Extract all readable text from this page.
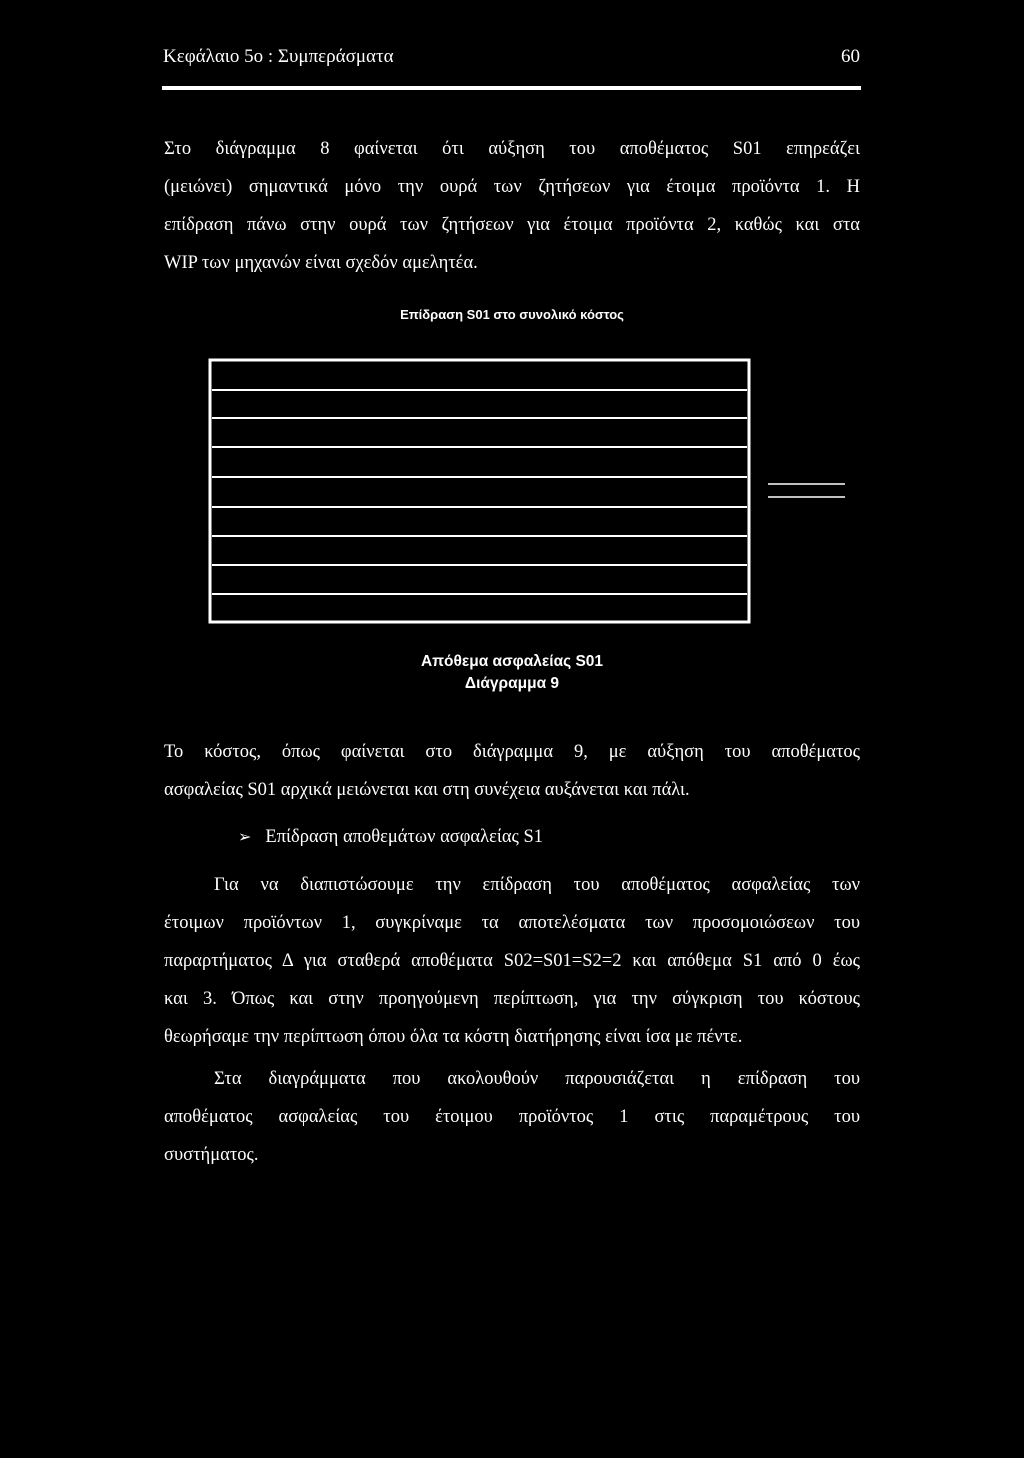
Κεφάλαιο 5ο : Συμπεράσματα	60
Στο διάγραμμα 8 φαίνεται ότι αύξηση του αποθέματος S01 επηρεάζει
(μειώνει) σημαντικά μόνο την ουρά των ζητήσεων για έτοιμα προϊόντα 1. Η
επίδραση πάνω στην ουρά των ζητήσεων για έτοιμα προϊόντα 2, καθώς και στα
WIP των μηχανών είναι σχεδόν αμελητέα.
Επίδραση S01 στο συνολικό κόστος
Απόθεμα ασφαλείας S01
Διάγραμμα 9
Το κόστος, όπως φαίνεται στο διάγραμμα 9, με αύξηση του αποθέματος
ασφαλείας S01 αρχικά μειώνεται και στη συνέχεια αυξάνεται και πάλι.
➢ Επίδραση αποθεμάτων ασφαλείας S1
Για να διαπιστώσουμε την επίδραση του αποθέματος ασφαλείας των
έτοιμων προϊόντων 1, συγκρίναμε τα αποτελέσματα των προσομοιώσεων του
παραρτήματος Δ για σταθερά αποθέματα S02=S01=S2=2 και απόθεμα S1 από 0 έως
και 3. Όπως και στην προηγούμενη περίπτωση, για την σύγκριση του κόστους
θεωρήσαμε την περίπτωση όπου όλα τα κόστη διατήρησης είναι ίσα με πέντε.
Στα διαγράμματα που ακολουθούν παρουσιάζεται η επίδραση του
αποθέματος ασφαλείας του έτοιμου προϊόντος 1 στις παραμέτρους του
συστήματος.
